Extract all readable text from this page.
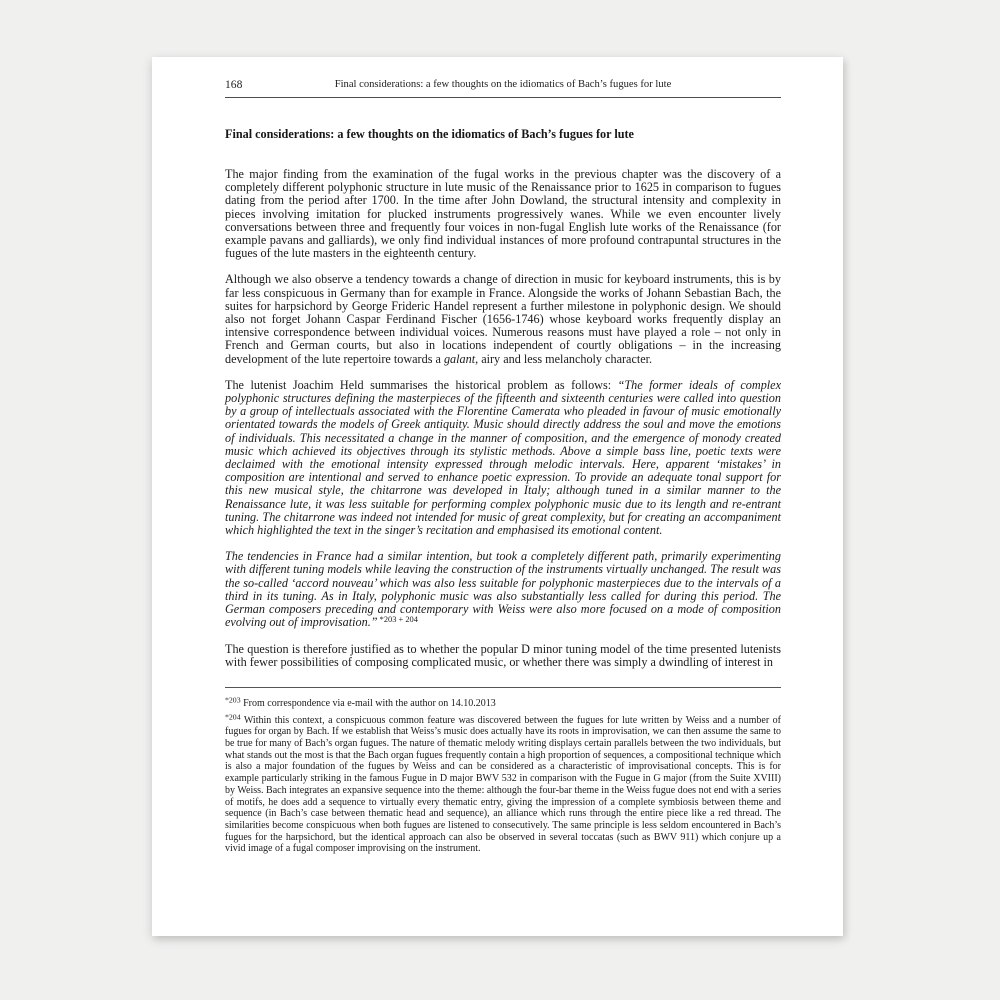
168	Final considerations: a few thoughts on the idiomatics of Bach’s fugues for lute
Final considerations: a few thoughts on the idiomatics of Bach’s fugues for lute

The major finding from the examination of the fugal works in the previous chapter was the discovery of a completely different polyphonic structure in lute music of the Renaissance prior to 1625 in comparison to fugues dating from the period after 1700. In the time after John Dowland, the structural intensity and complexity in pieces involving imitation for plucked instruments progressively wanes. While we even encounter lively conversations between three and frequently four voices in non-fugal English lute works of the Renaissance (for example pavans and galliards), we only find individual instances of more profound contrapuntal structures in the fugues of the lute masters in the eighteenth century.

Although we also observe a tendency towards a change of direction in music for keyboard instruments, this is by far less conspicuous in Germany than for example in France. Alongside the works of Johann Sebastian Bach, the suites for harpsichord by George Frideric Handel represent a further milestone in polyphonic design. We should also not forget Johann Caspar Ferdinand Fischer (1656-1746) whose keyboard works frequently display an intensive correspondence between individual voices. Numerous reasons must have played a role – not only in French and German courts, but also in locations independent of courtly obligations – in the increasing development of the lute repertoire towards a galant, airy and less melancholy character.

The lutenist Joachim Held summarises the historical problem as follows: “The former ideals of complex polyphonic structures defining the masterpieces of the fifteenth and sixteenth centuries were called into question by a group of intellectuals associated with the Florentine Camerata who pleaded in favour of music emotionally orientated towards the models of Greek antiquity. Music should directly address the soul and move the emotions of individuals. This necessitated a change in the manner of composition, and the emergence of monody created music which achieved its objectives through its stylistic methods. Above a simple bass line, poetic texts were declaimed with the emotional intensity expressed through melodic intervals. Here, apparent ‘mistakes’ in composition are intentional and served to enhance poetic expression. To provide an adequate tonal support for this new musical style, the chitarrone was developed in Italy; although tuned in a similar manner to the Renaissance lute, it was less suitable for performing complex polyphonic music due to its length and re-entrant tuning. The chitarrone was indeed not intended for music of great complexity, but for creating an accompaniment which highlighted the text in the singer’s recitation and emphasised its emotional content.

The tendencies in France had a similar intention, but took a completely different path, primarily experimenting with different tuning models while leaving the construction of the instruments virtually unchanged. The result was the so-called ‘accord nouveau’ which was also less suitable for polyphonic masterpieces due to the intervals of a third in its tuning. As in Italy, polyphonic music was also substantially less called for during this period. The German composers preceding and contemporary with Weiss were also more focused on a mode of composition evolving out of improvisation.” $^{*203 + 204}$

The question is therefore justified as to whether the popular D minor tuning model of the time presented lutenists with fewer possibilities of composing complicated music, or whether there was simply a dwindling of interest in

$^{*203}$ From correspondence via e-mail with the author on 14.10.2013

$^{*204}$ Within this context, a conspicuous common feature was discovered between the fugues for lute written by Weiss and a number of fugues for organ by Bach. If we establish that Weiss’s music does actually have its roots in improvisation, we can then assume the same to be true for many of Bach’s organ fugues. The nature of thematic melody writing displays certain parallels between the two individuals, but what stands out the most is that the Bach organ fugues frequently contain a high proportion of sequences, a compositional technique which is also a major foundation of the fugues by Weiss and can be considered as a characteristic of improvisational concepts. This is for example particularly striking in the famous Fugue in D major BWV 532 in comparison with the Fugue in G major (from the Suite XVIII) by Weiss. Bach integrates an expansive sequence into the theme: although the four-bar theme in the Weiss fugue does not end with a series of motifs, he does add a sequence to virtually every thematic entry, giving the impression of a complete symbiosis between theme and sequence (in Bach’s case between thematic head and sequence), an alliance which runs through the entire piece like a red thread. The similarities become conspicuous when both fugues are listened to consecutively. The same principle is less seldom encountered in Bach’s fugues for the harpsichord, but the identical approach can also be observed in several toccatas (such as BWV 911) which conjure up a vivid image of a fugal composer improvising on the instrument.
